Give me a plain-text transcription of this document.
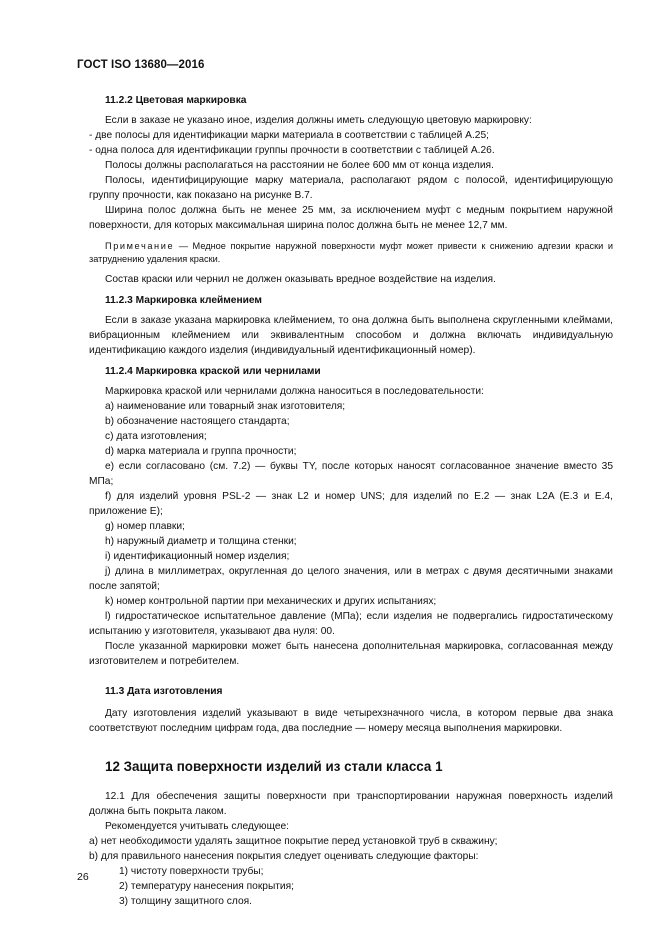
ГОСТ ISO 13680—2016

11.2.2 Цветовая маркировка

Если в заказе не указано иное, изделия должны иметь следующую цветовую маркировку:

- две полосы для идентификации марки материала в соответствии с таблицей А.25;

- одна полоса для идентификации группы прочности в соответствии с таблицей А.26.

Полосы должны располагаться на расстоянии не более 600 мм от конца изделия.

Полосы, идентифицирующие марку материала, располагают рядом с полосой, идентифицирующую группу прочности, как показано на рисунке В.7.

Ширина полос должна быть не менее 25 мм, за исключением муфт с медным покрытием наружной поверхности, для которых максимальная ширина полос должна быть не менее 12,7 мм.

Примечание — Медное покрытие наружной поверхности муфт может привести к снижению адгезии краски и затруднению удаления краски.

Состав краски или чернил не должен оказывать вредное воздействие на изделия.

11.2.3 Маркировка клеймением

Если в заказе указана маркировка клеймением, то она должна быть выполнена скругленными клеймами, вибрационным клеймением или эквивалентным способом и должна включать индивидуальную идентификацию каждого изделия (индивидуальный идентификационный номер).

11.2.4 Маркировка краской или чернилами

Маркировка краской или чернилами должна наноситься в последовательности:

a) наименование или товарный знак изготовителя;

b) обозначение настоящего стандарта;

c) дата изготовления;

d) марка материала и группа прочности;

e) если согласовано (см. 7.2) — буквы TY, после которых наносят согласованное значение вместо 35 МПа;

f) для изделий уровня PSL-2 — знак L2 и номер UNS; для изделий по Е.2 — знак L2A (Е.3 и Е.4, приложение Е);

g) номер плавки;

h) наружный диаметр и толщина стенки;

i) идентификационный номер изделия;

j) длина в миллиметрах, округленная до целого значения, или в метрах с двумя десятичными знаками после запятой;

k) номер контрольной партии при механических и других испытаниях;

l) гидростатическое испытательное давление (МПа); если изделия не подвергались гидростатическому испытанию у изготовителя, указывают два нуля: 00.

После указанной маркировки может быть нанесена дополнительная маркировка, согласованная между изготовителем и потребителем.

11.3 Дата изготовления

Дату изготовления изделий указывают в виде четырехзначного числа, в котором первые два знака соответствуют последним цифрам года, два последние — номеру месяца выполнения маркировки.

12 Защита поверхности изделий из стали класса 1

12.1 Для обеспечения защиты поверхности при транспортировании наружная поверхность изделий должна быть покрыта лаком.

Рекомендуется учитывать следующее:

a) нет необходимости удалять защитное покрытие перед установкой труб в скважину;

b) для правильного нанесения покрытия следует оценивать следующие факторы:

1) чистоту поверхности трубы;

2) температуру нанесения покрытия;

3) толщину защитного слоя.

26
